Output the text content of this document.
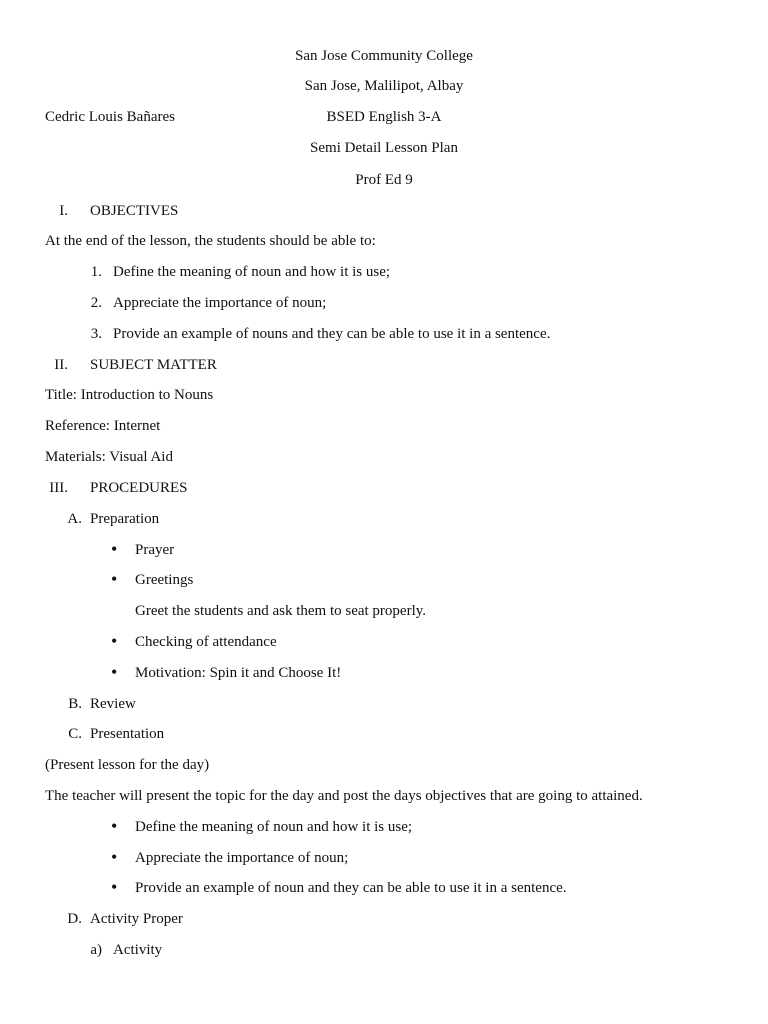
San Jose Community College
San Jose, Malilipot, Albay
Cedric Louis Bañares	BSED English 3-A
Semi Detail Lesson Plan
Prof Ed 9
I. OBJECTIVES
At the end of the lesson, the students should be able to:
1. Define the meaning of noun and how it is use;
2. Appreciate the importance of noun;
3. Provide an example of nouns and they can be able to use it in a sentence.
II. SUBJECT MATTER
Title: Introduction to Nouns
Reference: Internet
Materials: Visual Aid
III. PROCEDURES
A. Preparation
• Prayer
• Greetings
Greet the students and ask them to seat properly.
• Checking of attendance
• Motivation: Spin it and Choose It!
B. Review
C. Presentation
(Present lesson for the day)
The teacher will present the topic for the day and post the days objectives that are going to attained.
• Define the meaning of noun and how it is use;
• Appreciate the importance of noun;
• Provide an example of noun and they can be able to use it in a sentence.
D. Activity Proper
a) Activity
